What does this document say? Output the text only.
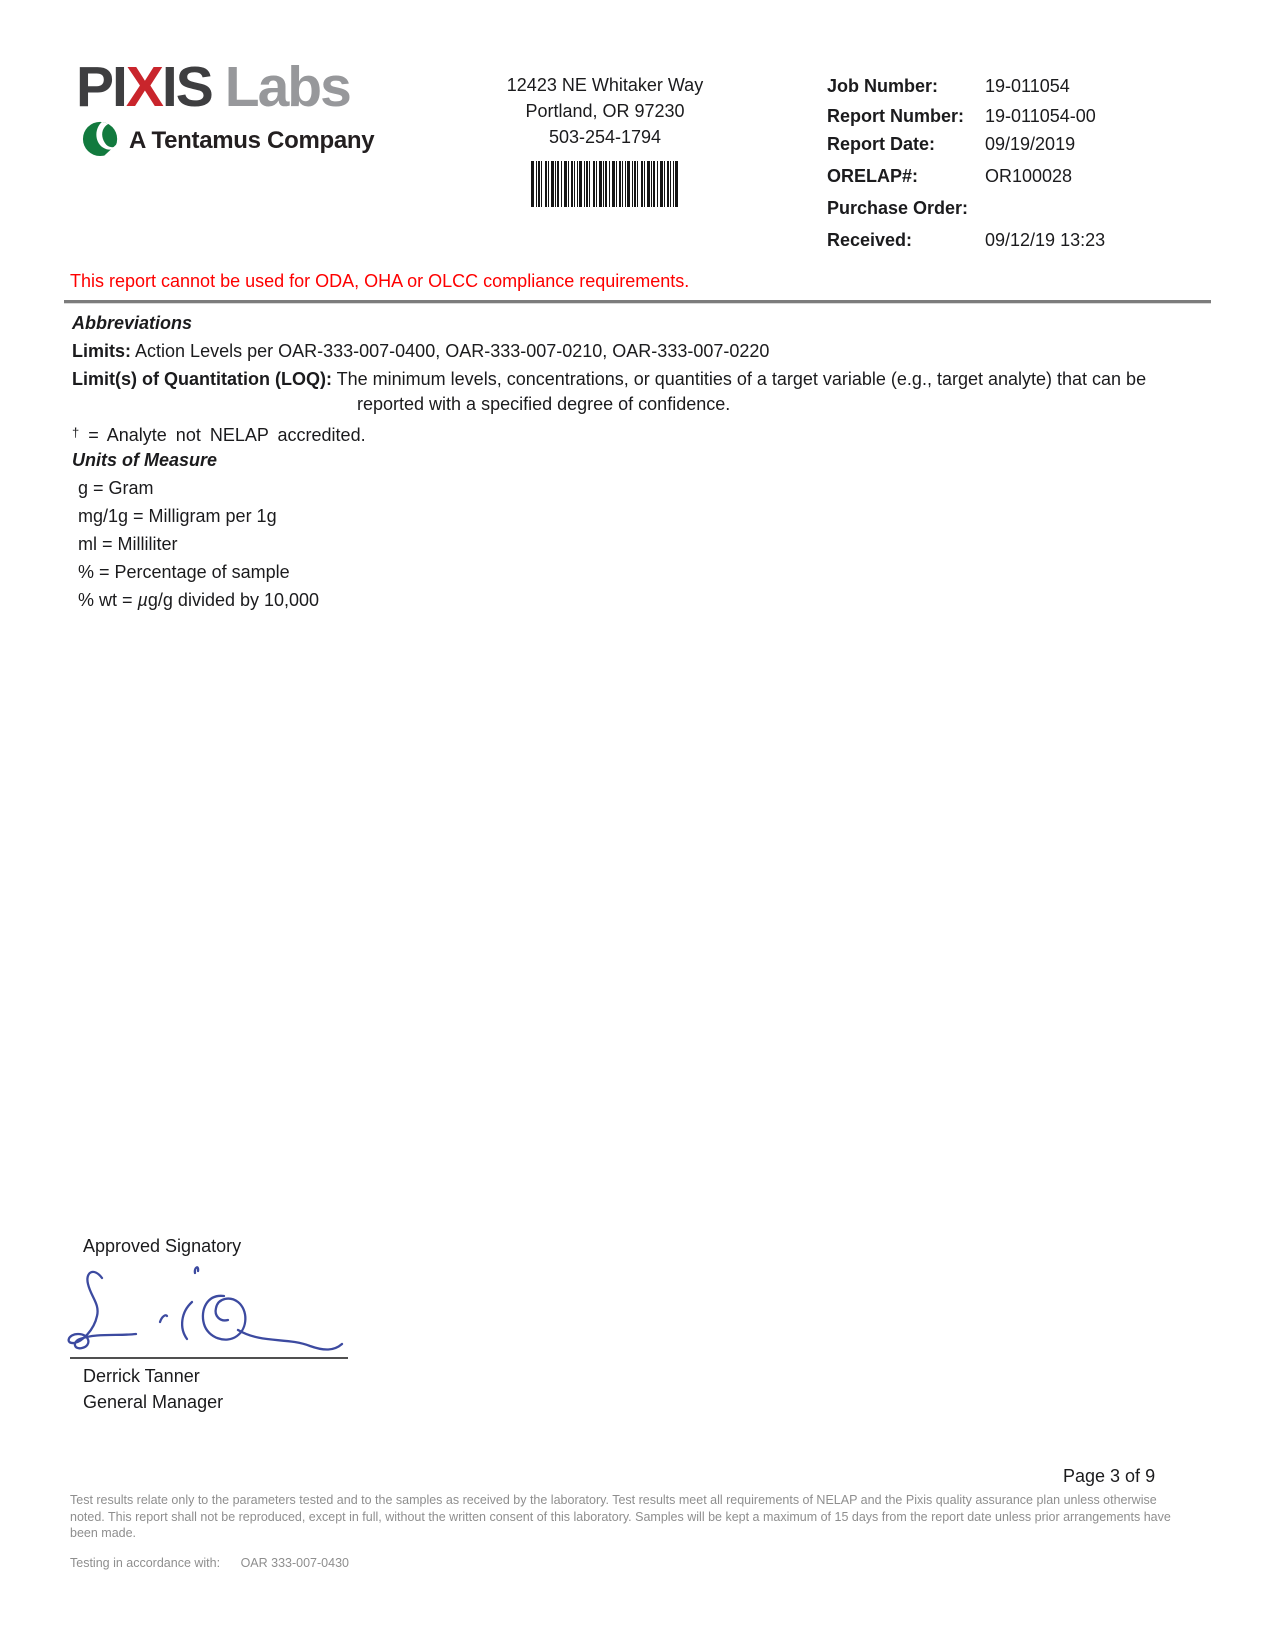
PIXIS Labs
A Tentamus Company
12423 NE Whitaker Way
Portland, OR 97230
503-254-1794
Job Number:	19-011054
Report Number:	19-011054-00
Report Date:	09/19/2019
ORELAP#:	OR100028
Purchase Order:
Received:	09/12/19 13:23
This report cannot be used for ODA, OHA or OLCC compliance requirements.
Abbreviations
Limits: Action Levels per OAR-333-007-0400, OAR-333-007-0210, OAR-333-007-0220
Limit(s) of Quantitation (LOQ): The minimum levels, concentrations, or quantities of a target variable (e.g., target analyte) that can be
reported with a specified degree of confidence.
† = Analyte not NELAP accredited.
Units of Measure
g = Gram
mg/1g = Milligram per 1g
ml = Milliliter
% = Percentage of sample
% wt = µg/g divided by 10,000
Approved Signatory
Derrick Tanner
General Manager
Page 3 of 9
Test results relate only to the parameters tested and to the samples as received by the laboratory. Test results meet all requirements of NELAP and the Pixis quality assurance plan unless otherwise noted. This report shall not be reproduced, except in full, without the written consent of this laboratory. Samples will be kept a maximum of 15 days from the report date unless prior arrangements have been made.
Testing in accordance with: OAR 333-007-0430
